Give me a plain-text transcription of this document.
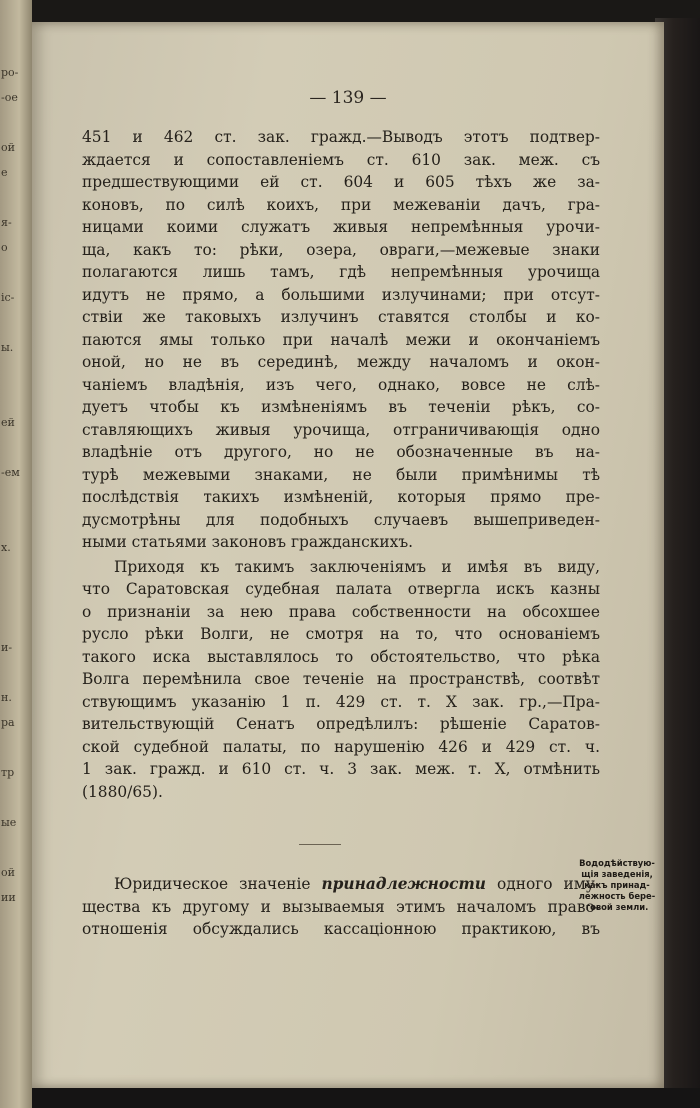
ро-
-ое
ой
е
я-
о
ic-
ы.
ей
-ем
х.
и-
н.
ра
тр
ые
ой
ии
— 139 —
451 и 462 ст. зак. гражд.—Выводъ этотъ подтвер-
ждается и сопоставленіемъ ст. 610 зак. меж. съ
предшествующими ей ст. 604 и 605 тѣхъ же за-
коновъ, по силѣ коихъ, при межеваніи дачъ, гра-
ницами коими служатъ живыя непремѣнныя урочи-
ща, какъ то: рѣки, озера, овраги,—межевые знаки
полагаются лишь тамъ, гдѣ непремѣнныя урочища
идутъ не прямо, а большими излучинами; при отсут-
ствіи же таковыхъ излучинъ ставятся столбы и ко-
паются ямы только при началѣ межи и окончаніемъ
оной, но не въ серединѣ, между началомъ и окон-
чаніемъ владѣнія, изъ чего, однако, вовсе не слѣ-
дуетъ чтобы къ измѣненіямъ въ теченіи рѣкъ, со-
ставляющихъ живыя урочища, отграничивающія одно
владѣніе отъ другого, но не обозначенные въ на-
турѣ межевыми знаками, не были примѣнимы тѣ
послѣдствія такихъ измѣненій, которыя прямо пре-
дусмотрѣны для подобныхъ случаевъ вышеприведен-
ными статьями законовъ гражданскихъ.
Приходя къ такимъ заключеніямъ и имѣя въ виду,
что Саратовская судебная палата отвергла искъ казны
о признаніи за нею права собственности на обсохшее
русло рѣки Волги, не смотря на то, что основаніемъ
такого иска выставлялось то обстоятельство, что рѣка
Волга перемѣнила свое теченіе на пространствѣ, соотвѣт
ствующимъ указанію 1 п. 429 ст. т. X зак. гр.,—Пра-
вительствующій Сенатъ опредѣлилъ: рѣшеніе Саратов-
ской судебной палаты, по нарушенію 426 и 429 ст. ч.
1 зак. гражд. и 610 ст. ч. 3 зак. меж. т. X, отмѣнить
(1880/65).
Юридическое значеніе принадлежности одного иму-
щества къ другому и вызываемыя этимъ началомъ право-
отношенія обсуждались кассаціонною практикою, въ
Вододѣйствую-
щія заведенія,
какъ принад-
лежность бере-
говой земли.
